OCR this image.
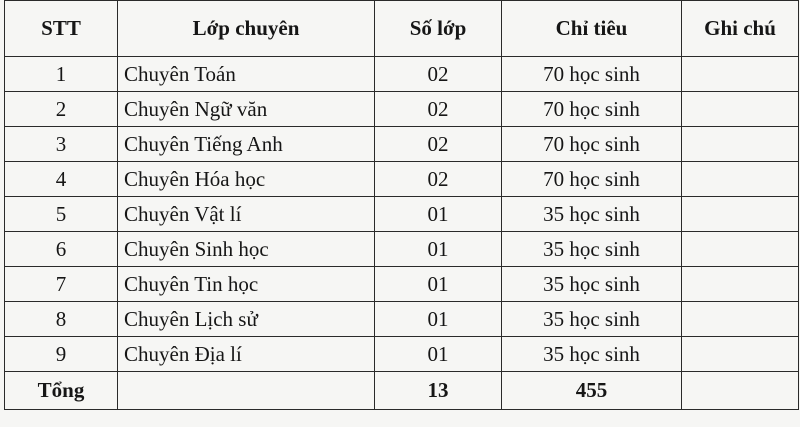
STT	Lớp chuyên	Số lớp	Chỉ tiêu	Ghi chú
1	Chuyên Toán	02	70 học sinh	
2	Chuyên Ngữ văn	02	70 học sinh	
3	Chuyên Tiếng Anh	02	70 học sinh	
4	Chuyên Hóa học	02	70 học sinh	
5	Chuyên Vật lí	01	35 học sinh	
6	Chuyên Sinh học	01	35 học sinh	
7	Chuyên Tin học	01	35 học sinh	
8	Chuyên Lịch sử	01	35 học sinh	
9	Chuyên Địa lí	01	35 học sinh	
Tổng		13	455	
